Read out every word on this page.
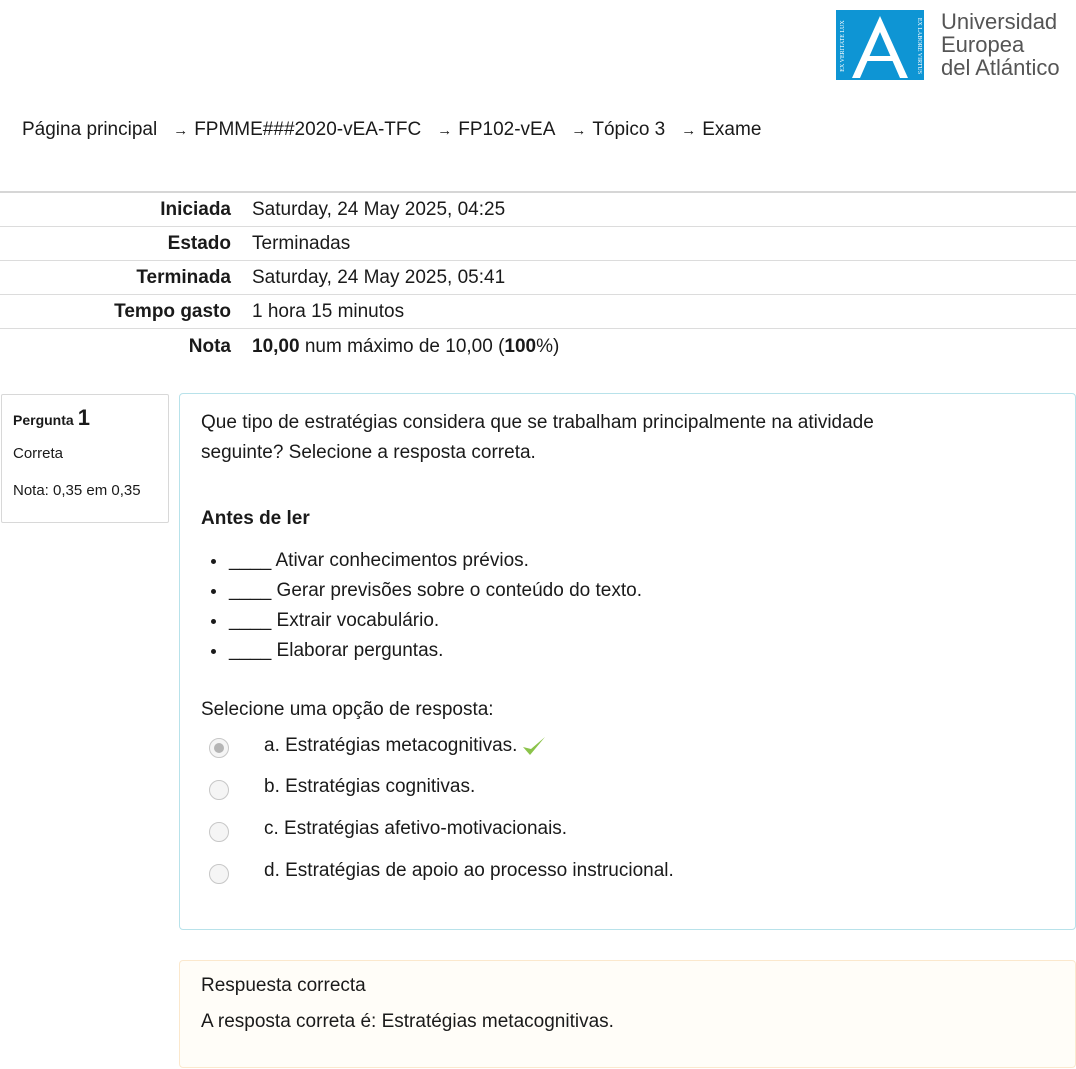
EX VERITATE LUX	EX LABORE VIRTUS Universidad
Europea
del Atlántico
Página principal → FPMME###2020-vEA-TFC → FP102-vEA → Tópico 3 → Exame
Iniciada	Saturday, 24 May 2025, 04:25
Estado	Terminadas
Terminada	Saturday, 24 May 2025, 05:41
Tempo gasto	1 hora 15 minutos
Nota	10,00 num máximo de 10,00 (100%)
Pergunta 1
Correta
Nota: 0,35 em 0,35
Que tipo de estratégias considera que se trabalham principalmente na atividade seguinte? Selecione a resposta correta.
Antes de ler
• ____ Ativar conhecimentos prévios.
• ____ Gerar previsões sobre o conteúdo do texto.
• ____ Extrair vocabulário.
• ____ Elaborar perguntas.
Selecione uma opção de resposta:
a. Estratégias metacognitivas.
b. Estratégias cognitivas.
c. Estratégias afetivo-motivacionais.
d. Estratégias de apoio ao processo instrucional.
Respuesta correcta
A resposta correta é: Estratégias metacognitivas.
